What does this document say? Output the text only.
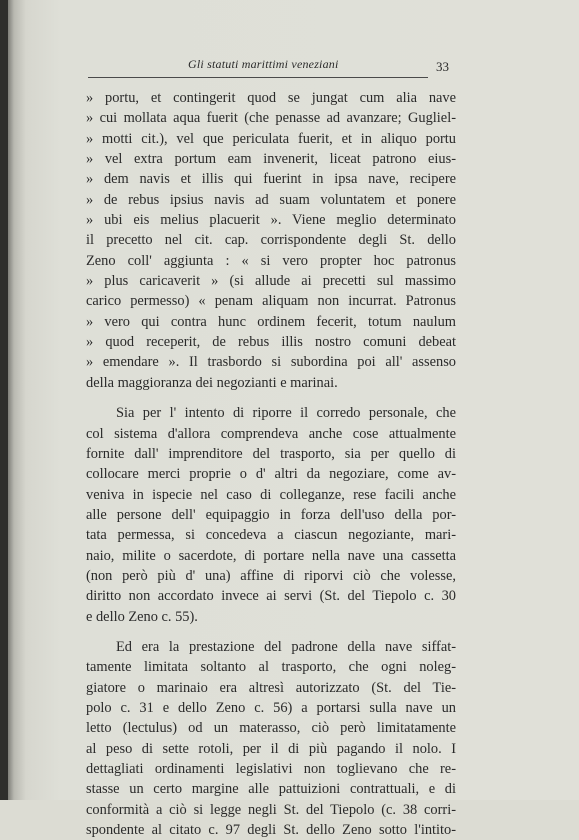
Gli statuti marittimi veneziani	33
» portu, et contingerit quod se jungat cum alia nave
» cui mollata aqua fuerit (che penasse ad avanzare; Gugliel-
» motti cit.), vel que periculata fuerit, et in aliquo portu
» vel extra portum eam invenerit, liceat patrono eius-
» dem navis et illis qui fuerint in ipsa nave, recipere
» de rebus ipsius navis ad suam voluntatem et ponere
» ubi eis melius placuerit ». Viene meglio determinato
il precetto nel cit. cap. corrispondente degli St. dello
Zeno coll' aggiunta : « si vero propter hoc patronus
» plus caricaverit » (si allude ai precetti sul massimo
carico permesso) « penam aliquam non incurrat. Patronus
» vero qui contra hunc ordinem fecerit, totum naulum
» quod receperit, de rebus illis nostro comuni debeat
» emendare ». Il trasbordo si subordina poi all' assenso
della maggioranza dei negozianti e marinai.
Sia per l' intento di riporre il corredo personale, che
col sistema d'allora comprendeva anche cose attualmente
fornite dall' imprenditore del trasporto, sia per quello di
collocare merci proprie o d' altri da negoziare, come av-
veniva in ispecie nel caso di colleganze, rese facili anche
alle persone dell' equipaggio in forza dell'uso della por-
tata permessa, si concedeva a ciascun negoziante, mari-
naio, milite o sacerdote, di portare nella nave una cassetta
(non però più d' una) affine di riporvi ciò che volesse,
diritto non accordato invece ai servi (St. del Tiepolo c. 30
e dello Zeno c. 55).
Ed era la prestazione del padrone della nave siffat-
tamente limitata soltanto al trasporto, che ogni noleg-
giatore o marinaio era altresì autorizzato (St. del Tie-
polo c. 31 e dello Zeno c. 56) a portarsi sulla nave un
letto (lectulus) od un materasso, ciò però limitatamente
al peso di sette rotoli, per il di più pagando il nolo. I
dettagliati ordinamenti legislativi non toglievano che re-
stasse un certo margine alle pattuizioni contrattuali, e di
conformità a ciò si legge negli St. del Tiepolo (c. 38 corri-
spondente al citato c. 97 degli St. dello Zeno sotto l'intito-
